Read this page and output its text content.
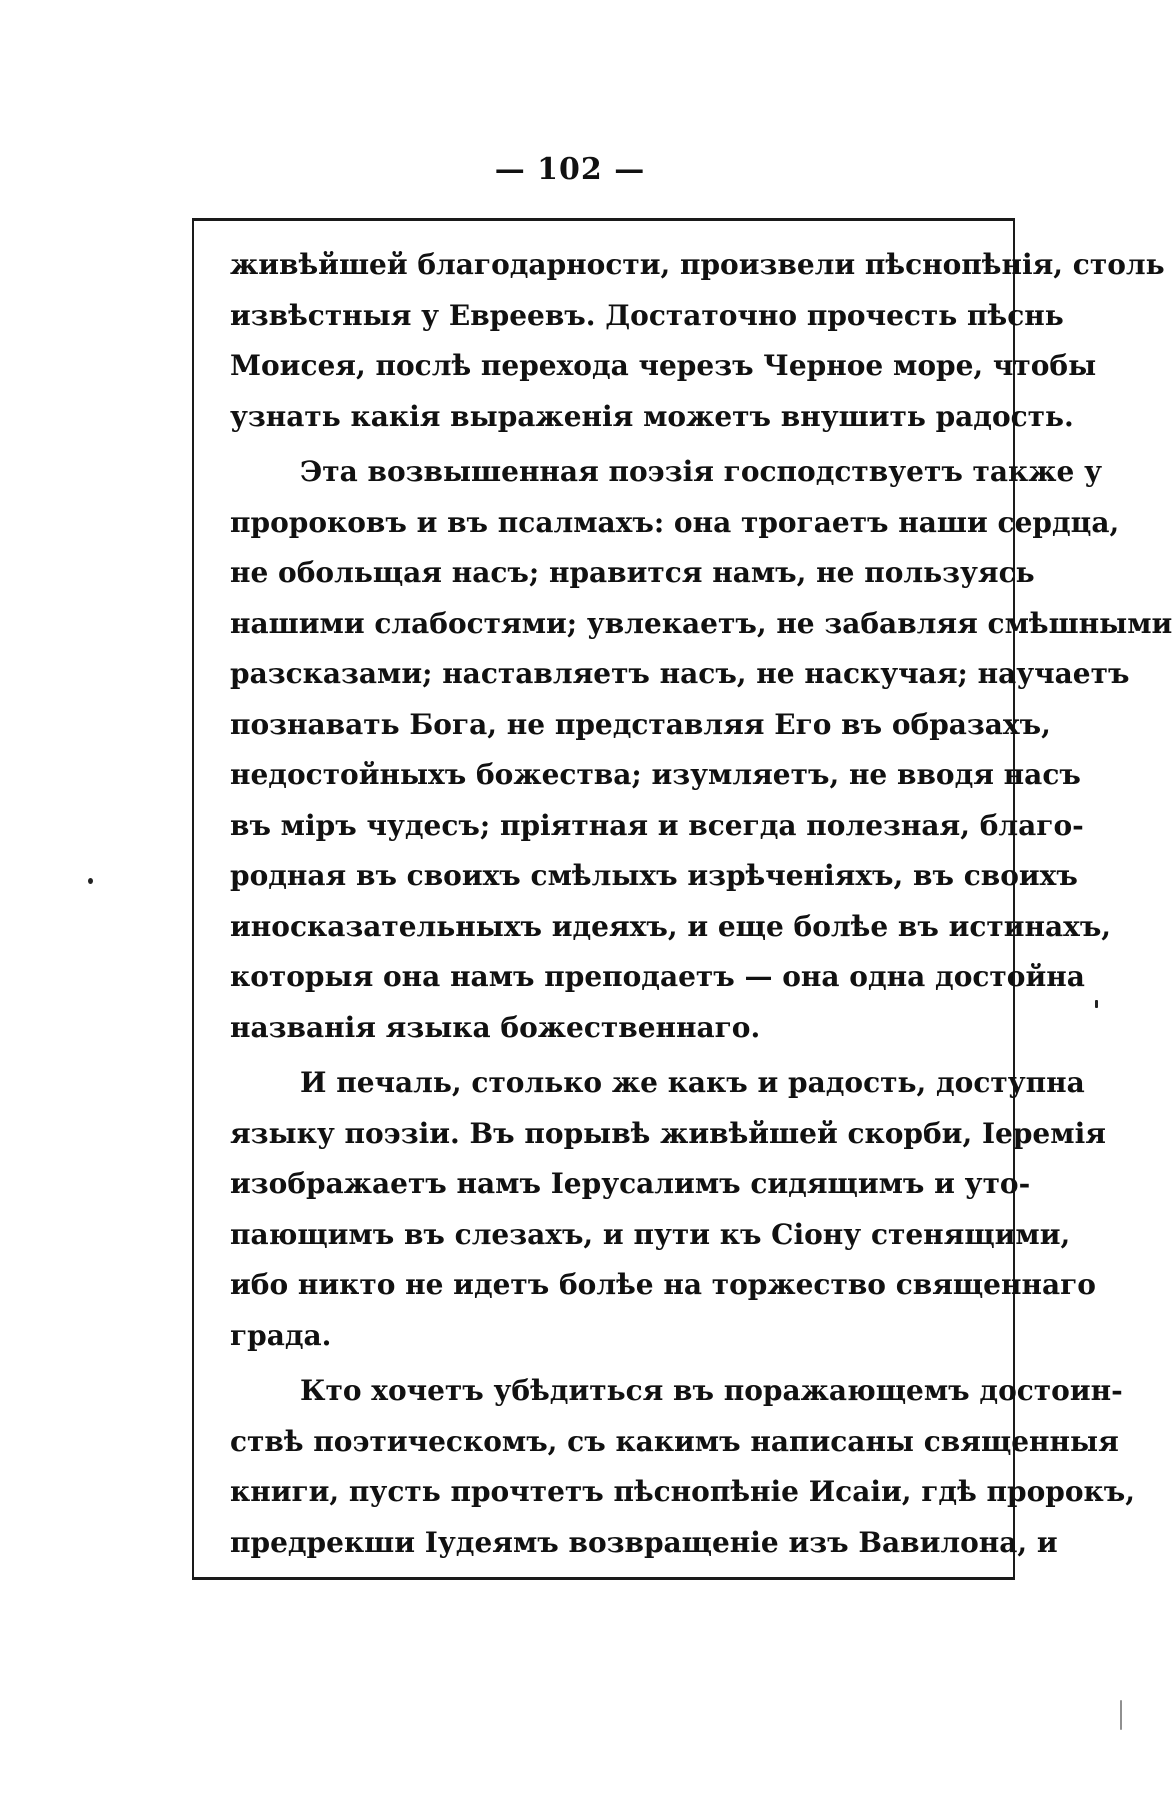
— 102 —

живѣйшей благодарности, произвели пѣснопѣнія, столь
извѣстныя у Евреевъ. Достаточно прочесть пѣснь
Моисея, послѣ перехода черезъ Черное море, чтобы
узнать какія выраженія можетъ внушить радость.

Эта возвышенная поэзія господствуетъ также у
пророковъ и въ псалмахъ: она трогаетъ наши сердца,
не обольщая насъ; нравится намъ, не пользуясь
нашими слабостями; увлекаетъ, не забавляя смѣшными
разсказами; наставляетъ насъ, не наскучая; научаетъ
познавать Бога, не представляя Его въ образахъ,
недостойныхъ божества; изумляетъ, не вводя насъ
въ міръ чудесъ; пріятная и всегда полезная, благо-
родная въ своихъ смѣлыхъ изрѣченіяхъ, въ своихъ
иносказательныхъ идеяхъ, и еще болѣе въ истинахъ,
которыя она намъ преподаетъ — она одна достойна
названія языка божественнаго.

И печаль, столько же какъ и радость, доступна
языку поэзіи. Въ порывѣ живѣйшей скорби, Іеремія
изображаетъ намъ Іерусалимъ сидящимъ и уто-
пающимъ въ слезахъ, и пути къ Сіону стенящими,
ибо никто не идетъ болѣе на торжество священнаго
града.

Кто хочетъ убѣдиться въ поражающемъ достоин-
ствѣ поэтическомъ, съ какимъ написаны священныя
книги, пусть прочтетъ пѣснопѣніе Исаіи, гдѣ пророкъ,
предрекши Іудеямъ возвращеніе изъ Вавилона, и
